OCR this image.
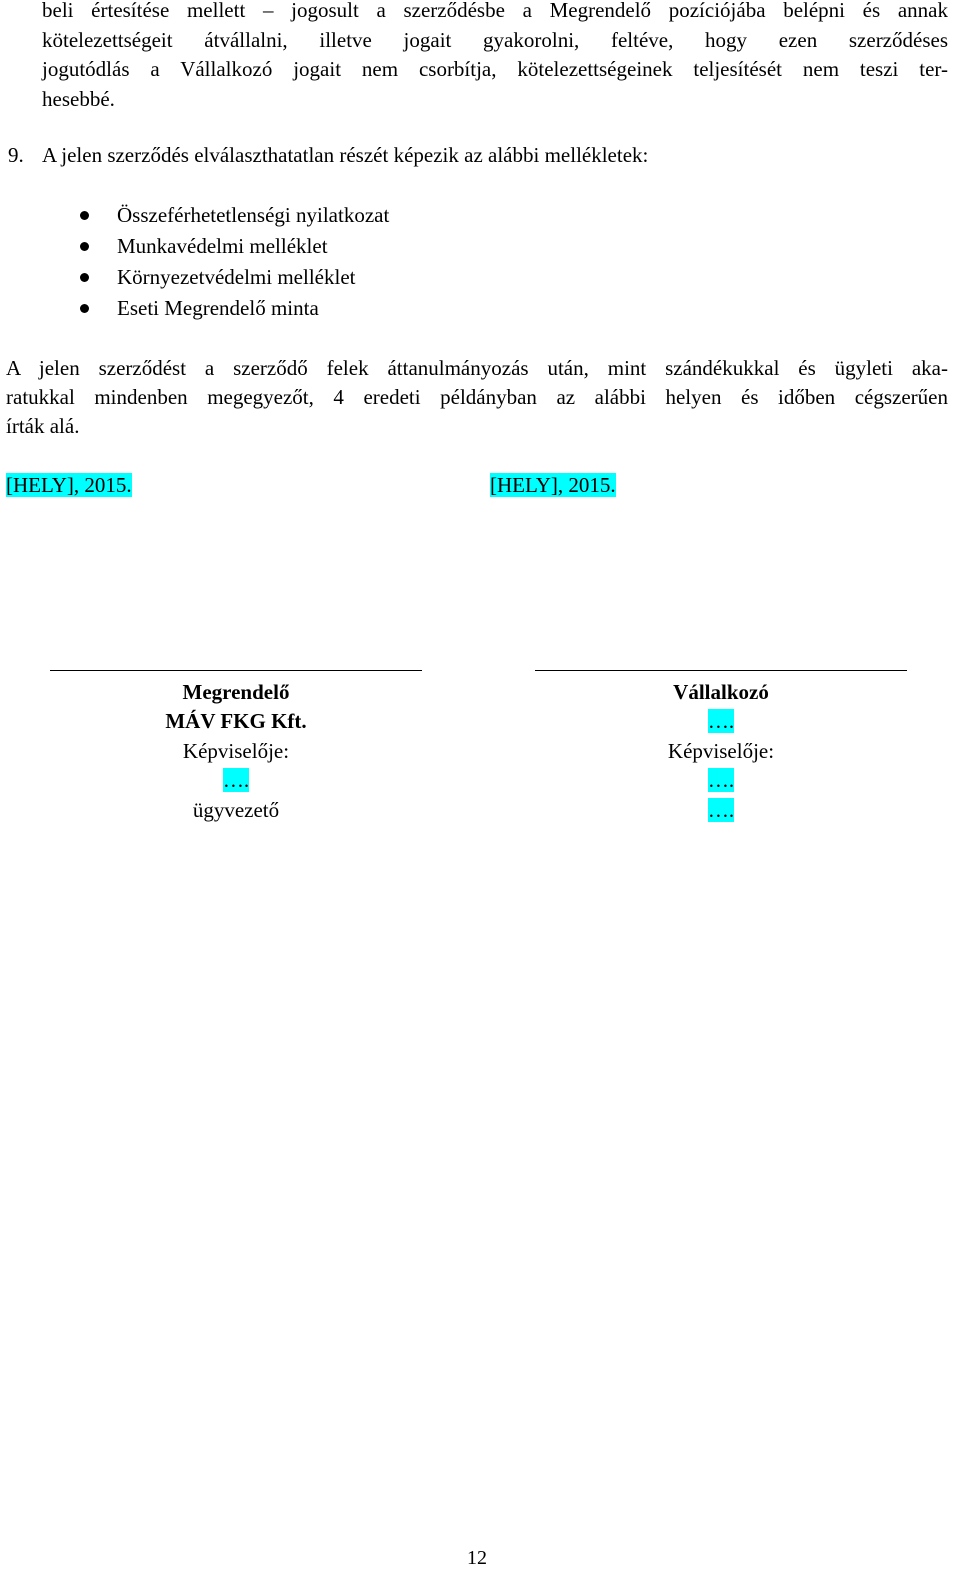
beli értesítése mellett – jogosult a szerződésbe a Megrendelő pozíciójába belépni és annak
kötelezettségeit átvállalni, illetve jogait gyakorolni, feltéve, hogy ezen szerződéses
jogutódlás a Vállalkozó jogait nem csorbítja, kötelezettségeinek teljesítését nem teszi ter-
hesebbé.
9. A jelen szerződés elválaszthatatlan részét képezik az alábbi mellékletek:
Összeférhetetlenségi nyilatkozat
Munkavédelmi melléklet
Környezetvédelmi melléklet
Eseti Megrendelő minta
A jelen szerződést a szerződő felek áttanulmányozás után, mint szándékukkal és ügyleti aka-
ratukkal mindenben megegyezőt, 4 eredeti példányban az alábbi helyen és időben cégszerűen
írták alá.
[HELY], 2015.	[HELY], 2015.
Megrendelő
MÁV FKG Kft.
Képviselője:
….
ügyvezető
Vállalkozó
….
Képviselője:
….
….
12
